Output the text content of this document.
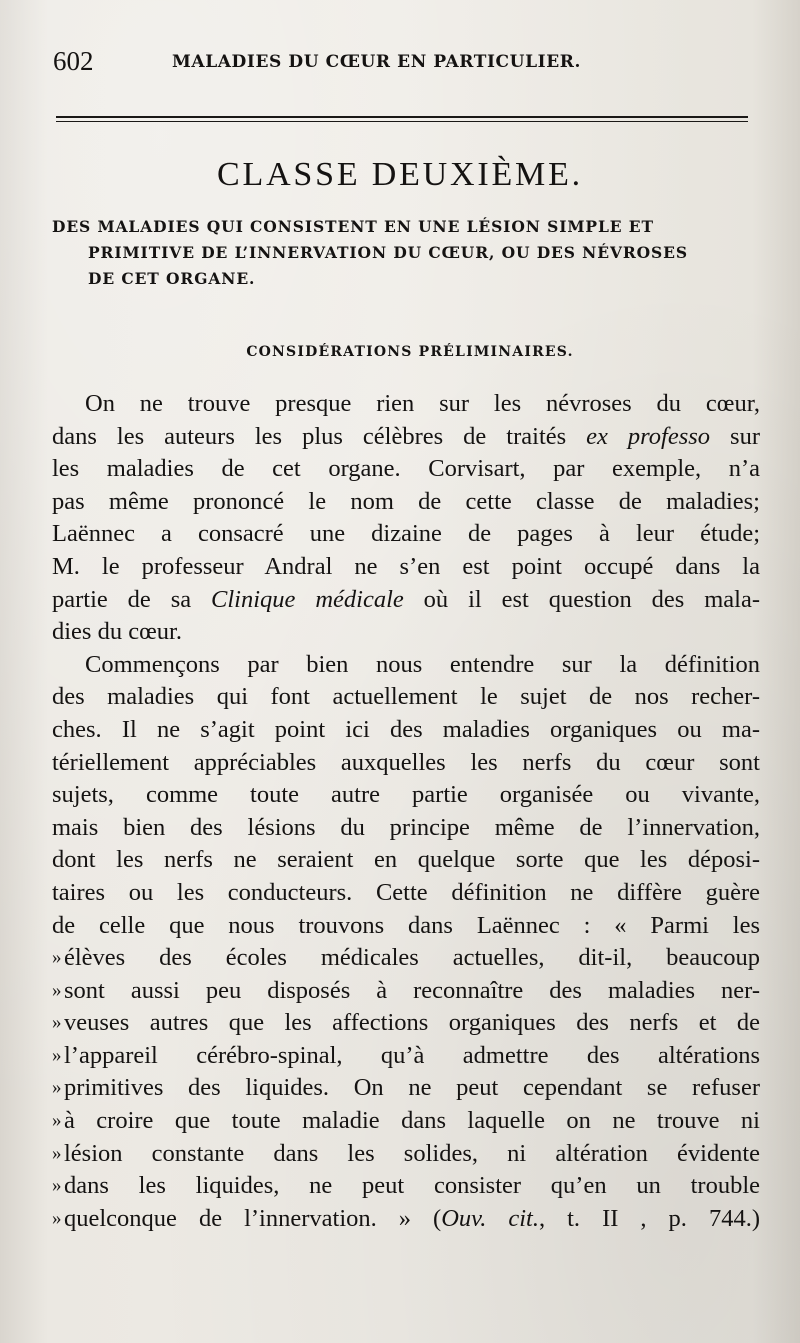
602	MALADIES DU CŒUR EN PARTICULIER.
CLASSE DEUXIÈME.
DES MALADIES QUI CONSISTENT EN UNE LÉSION SIMPLE ET
PRIMITIVE DE L’INNERVATION DU CŒUR, OU DES NÉVROSES
DE CET ORGANE.
CONSIDÉRATIONS PRÉLIMINAIRES.
On ne trouve presque rien sur les névroses du cœur,
dans les auteurs les plus célèbres de traités ex professo sur
les maladies de cet organe. Corvisart, par exemple, n’a
pas même prononcé le nom de cette classe de maladies;
Laënnec a consacré une dizaine de pages à leur étude;
M. le professeur Andral ne s’en est point occupé dans la
partie de sa Clinique médicale où il est question des mala-
dies du cœur.
Commençons par bien nous entendre sur la définition
des maladies qui font actuellement le sujet de nos recher-
ches. Il ne s’agit point ici des maladies organiques ou ma-
tériellement appréciables auxquelles les nerfs du cœur sont
sujets, comme toute autre partie organisée ou vivante,
mais bien des lésions du principe même de l’innervation,
dont les nerfs ne seraient en quelque sorte que les déposi-
taires ou les conducteurs. Cette définition ne diffère guère
de celle que nous trouvons dans Laënnec : « Parmi les
» élèves des écoles médicales actuelles, dit-il, beaucoup
» sont aussi peu disposés à reconnaître des maladies ner-
» veuses autres que les affections organiques des nerfs et de
» l’appareil cérébro-spinal, qu’à admettre des altérations
» primitives des liquides. On ne peut cependant se refuser
» à croire que toute maladie dans laquelle on ne trouve ni
» lésion constante dans les solides, ni altération évidente
» dans les liquides, ne peut consister qu’en un trouble
» quelconque de l’innervation. » (Ouv. cit., t. II , p. 744.)
